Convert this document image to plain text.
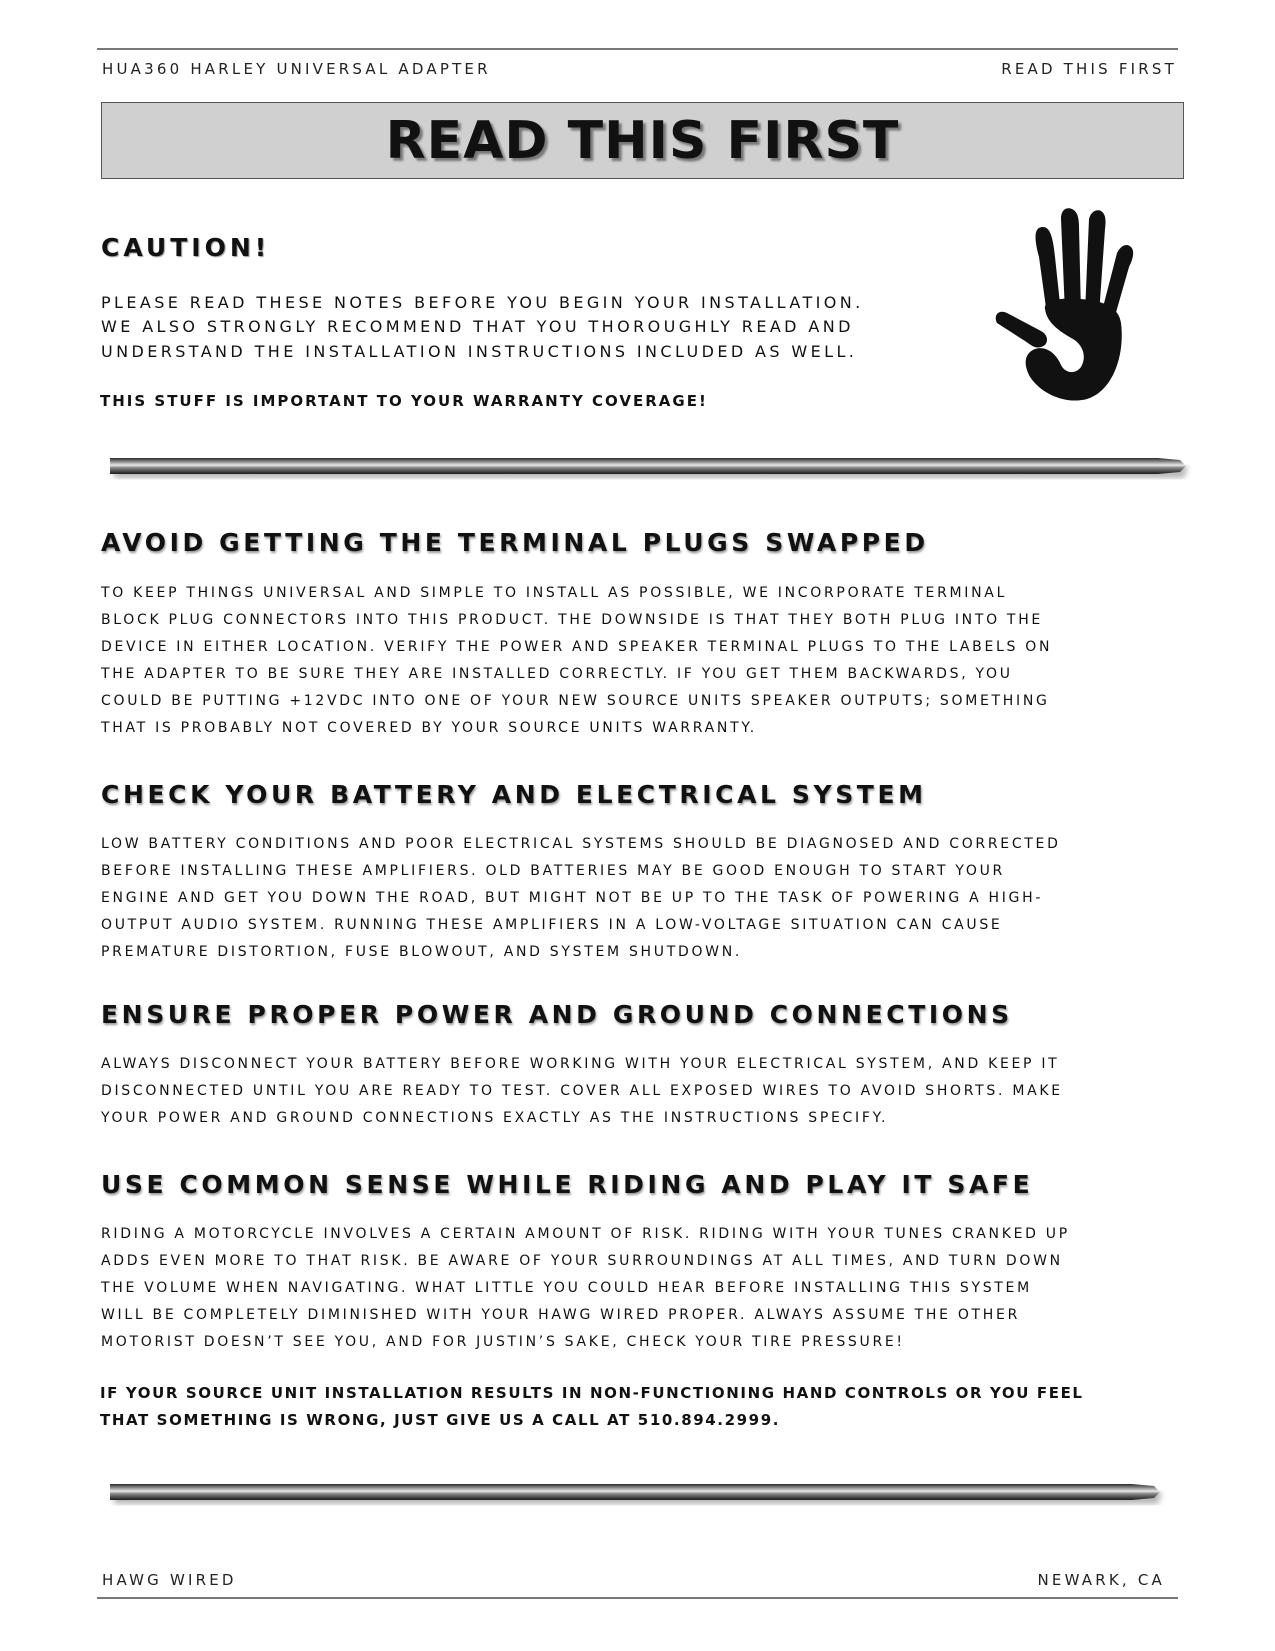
HUA360 HARLEY UNIVERSAL ADAPTER	READ THIS FIRST
READ THIS FIRST
CAUTION!
PLEASE READ THESE NOTES BEFORE YOU BEGIN YOUR INSTALLATION.
WE ALSO STRONGLY RECOMMEND THAT YOU THOROUGHLY READ AND
UNDERSTAND THE INSTALLATION INSTRUCTIONS INCLUDED AS WELL.
THIS STUFF IS IMPORTANT TO YOUR WARRANTY COVERAGE!
AVOID GETTING THE TERMINAL PLUGS SWAPPED
TO KEEP THINGS UNIVERSAL AND SIMPLE TO INSTALL AS POSSIBLE, WE INCORPORATE TERMINAL
BLOCK PLUG CONNECTORS INTO THIS PRODUCT. THE DOWNSIDE IS THAT THEY BOTH PLUG INTO THE
DEVICE IN EITHER LOCATION. VERIFY THE POWER AND SPEAKER TERMINAL PLUGS TO THE LABELS ON
THE ADAPTER TO BE SURE THEY ARE INSTALLED CORRECTLY. IF YOU GET THEM BACKWARDS, YOU
COULD BE PUTTING +12VDC INTO ONE OF YOUR NEW SOURCE UNITS SPEAKER OUTPUTS; SOMETHING
THAT IS PROBABLY NOT COVERED BY YOUR SOURCE UNITS WARRANTY.
CHECK YOUR BATTERY AND ELECTRICAL SYSTEM
LOW BATTERY CONDITIONS AND POOR ELECTRICAL SYSTEMS SHOULD BE DIAGNOSED AND CORRECTED
BEFORE INSTALLING THESE AMPLIFIERS. OLD BATTERIES MAY BE GOOD ENOUGH TO START YOUR
ENGINE AND GET YOU DOWN THE ROAD, BUT MIGHT NOT BE UP TO THE TASK OF POWERING A HIGH-
OUTPUT AUDIO SYSTEM. RUNNING THESE AMPLIFIERS IN A LOW-VOLTAGE SITUATION CAN CAUSE
PREMATURE DISTORTION, FUSE BLOWOUT, AND SYSTEM SHUTDOWN.
ENSURE PROPER POWER AND GROUND CONNECTIONS
ALWAYS DISCONNECT YOUR BATTERY BEFORE WORKING WITH YOUR ELECTRICAL SYSTEM, AND KEEP IT
DISCONNECTED UNTIL YOU ARE READY TO TEST. COVER ALL EXPOSED WIRES TO AVOID SHORTS. MAKE
YOUR POWER AND GROUND CONNECTIONS EXACTLY AS THE INSTRUCTIONS SPECIFY.
USE COMMON SENSE WHILE RIDING AND PLAY IT SAFE
RIDING A MOTORCYCLE INVOLVES A CERTAIN AMOUNT OF RISK. RIDING WITH YOUR TUNES CRANKED UP
ADDS EVEN MORE TO THAT RISK. BE AWARE OF YOUR SURROUNDINGS AT ALL TIMES, AND TURN DOWN
THE VOLUME WHEN NAVIGATING. WHAT LITTLE YOU COULD HEAR BEFORE INSTALLING THIS SYSTEM
WILL BE COMPLETELY DIMINISHED WITH YOUR HAWG WIRED PROPER. ALWAYS ASSUME THE OTHER
MOTORIST DOESN’T SEE YOU, AND FOR JUSTIN’S SAKE, CHECK YOUR TIRE PRESSURE!
IF YOUR SOURCE UNIT INSTALLATION RESULTS IN NON-FUNCTIONING HAND CONTROLS OR YOU FEEL
THAT SOMETHING IS WRONG, JUST GIVE US A CALL AT 510.894.2999.
HAWG WIRED	NEWARK, CA
